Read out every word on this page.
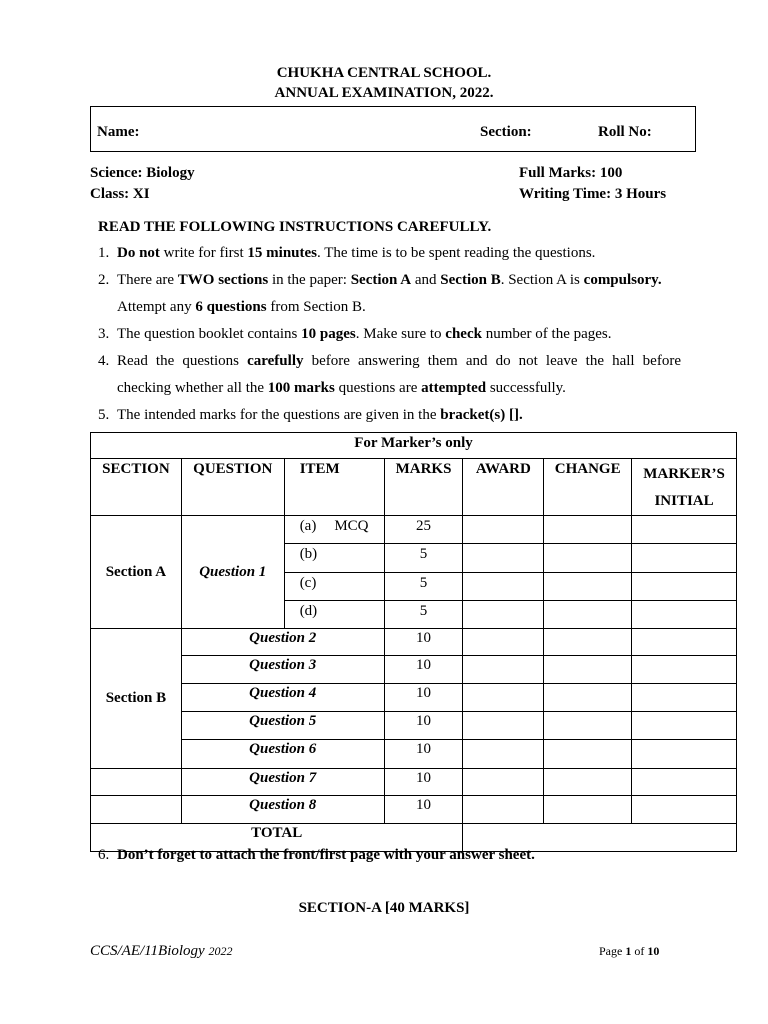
CHUKHA CENTRAL SCHOOL.
ANNUAL EXAMINATION, 2022.
Name:	Section:	Roll No:
Science: Biology
Class: XI
Full Marks: 100
Writing Time: 3 Hours
READ THE FOLLOWING INSTRUCTIONS CAREFULLY.
1. Do not write for first 15 minutes. The time is to be spent reading the questions.
2. There are TWO sections in the paper: Section A and Section B. Section A is compulsory.
Attempt any 6 questions from Section B.
3. The question booklet contains 10 pages. Make sure to check number of the pages.
4. Read the questions carefully before answering them and do not leave the hall before
checking whether all the 100 marks questions are attempted successfully.
5. The intended marks for the questions are given in the bracket(s) [].
For Marker’s only						
SECTION	QUESTION	ITEM	MARKS	AWARD	CHANGE	MARKER’S
INITIAL
Section A	Question 1	(a) MCQ	25			
		(b)	5			
		(c)	5			
		(d)	5			
Section B	Question 2		10			
	Question 3		10			
	Question 4		10			
	Question 5		10			
	Question 6		10			
	Question 7		10			
	Question 8		10			
TOTAL						
6. Don’t forget to attach the front/first page with your answer sheet.
SECTION-A [40 MARKS]
CCS/AE/11Biology 2022	Page 1 of 10
